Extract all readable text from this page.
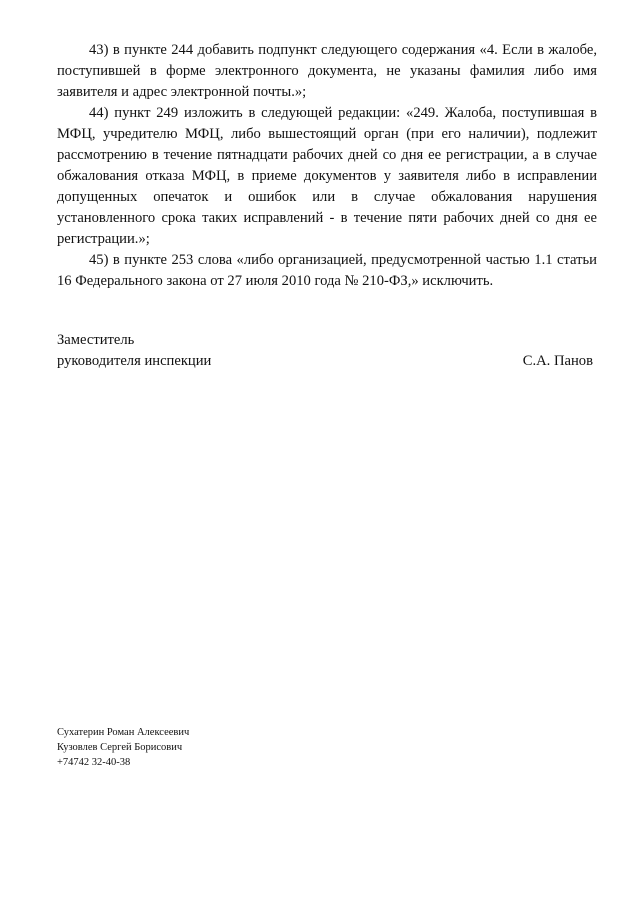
43) в пункте 244 добавить подпункт следующего содержания «4. Если в жалобе, поступившей в форме электронного документа, не указаны фамилия либо имя заявителя и адрес электронной почты.»;

44) пункт 249 изложить в следующей редакции: «249. Жалоба, поступившая в МФЦ, учредителю МФЦ, либо вышестоящий орган (при его наличии), подлежит рассмотрению в течение пятнадцати рабочих дней со дня ее регистрации, а в случае обжалования отказа МФЦ, в приеме документов у заявителя либо в исправлении допущенных опечаток и ошибок или в случае обжалования нарушения установленного срока таких исправлений - в течение пяти рабочих дней со дня ее регистрации.»;

45) в пункте 253 слова «либо организацией, предусмотренной частью 1.1 статьи 16 Федерального закона от 27 июля 2010 года № 210-ФЗ,» исключить.

Заместитель
руководителя инспекции	С.А. Панов
Сухатерин Роман Алексеевич
Кузовлев Сергей Борисович
+74742 32-40-38
